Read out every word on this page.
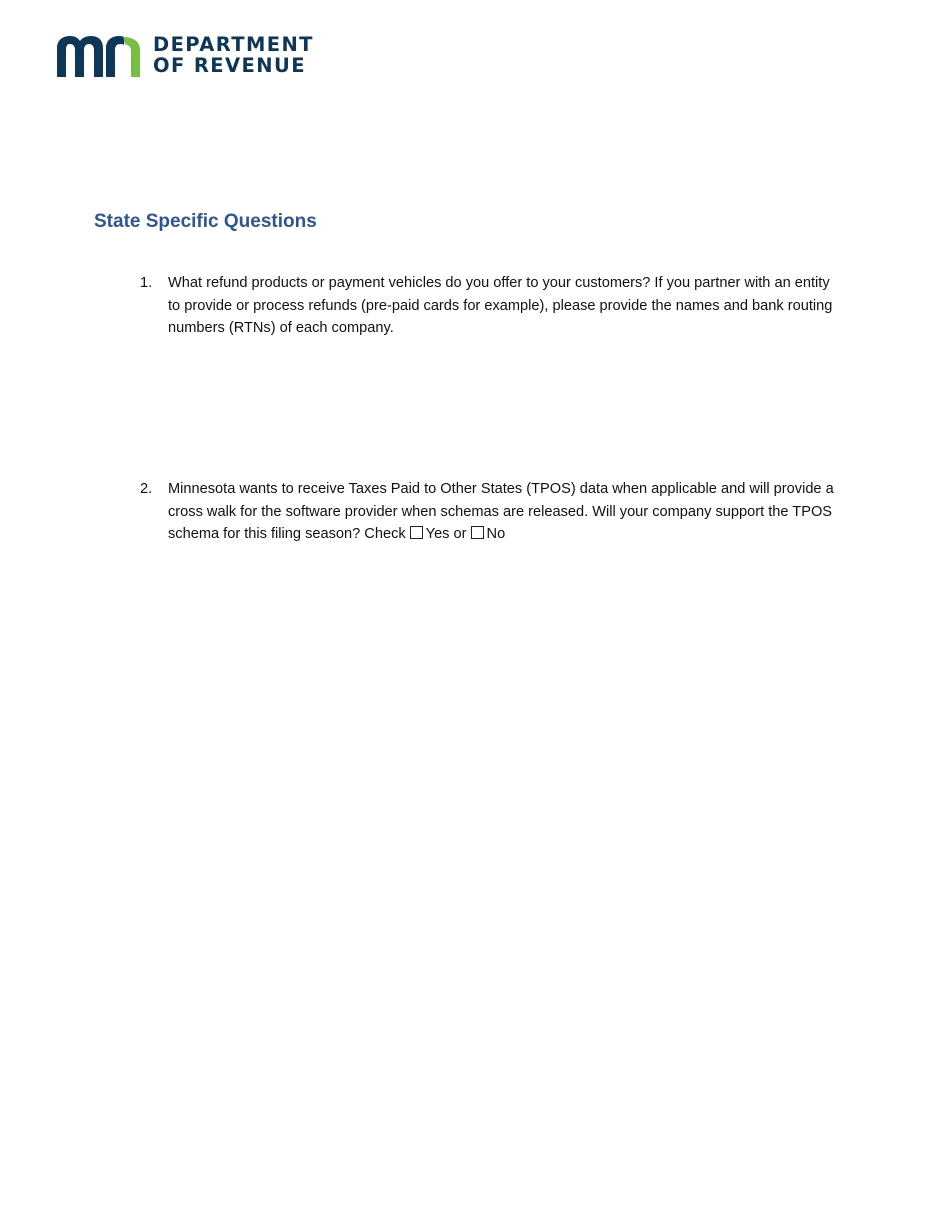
DEPARTMENT
OF REVENUE
State Specific Questions
1. What refund products or payment vehicles do you offer to your customers? If you partner with an entity to provide or process refunds (pre-paid cards for example), please provide the names and bank routing numbers (RTNs) of each company.
2. Minnesota wants to receive Taxes Paid to Other States (TPOS) data when applicable and will provide a cross walk for the software provider when schemas are released. Will your company support the TPOS schema for this filing season? Check Yes or No
